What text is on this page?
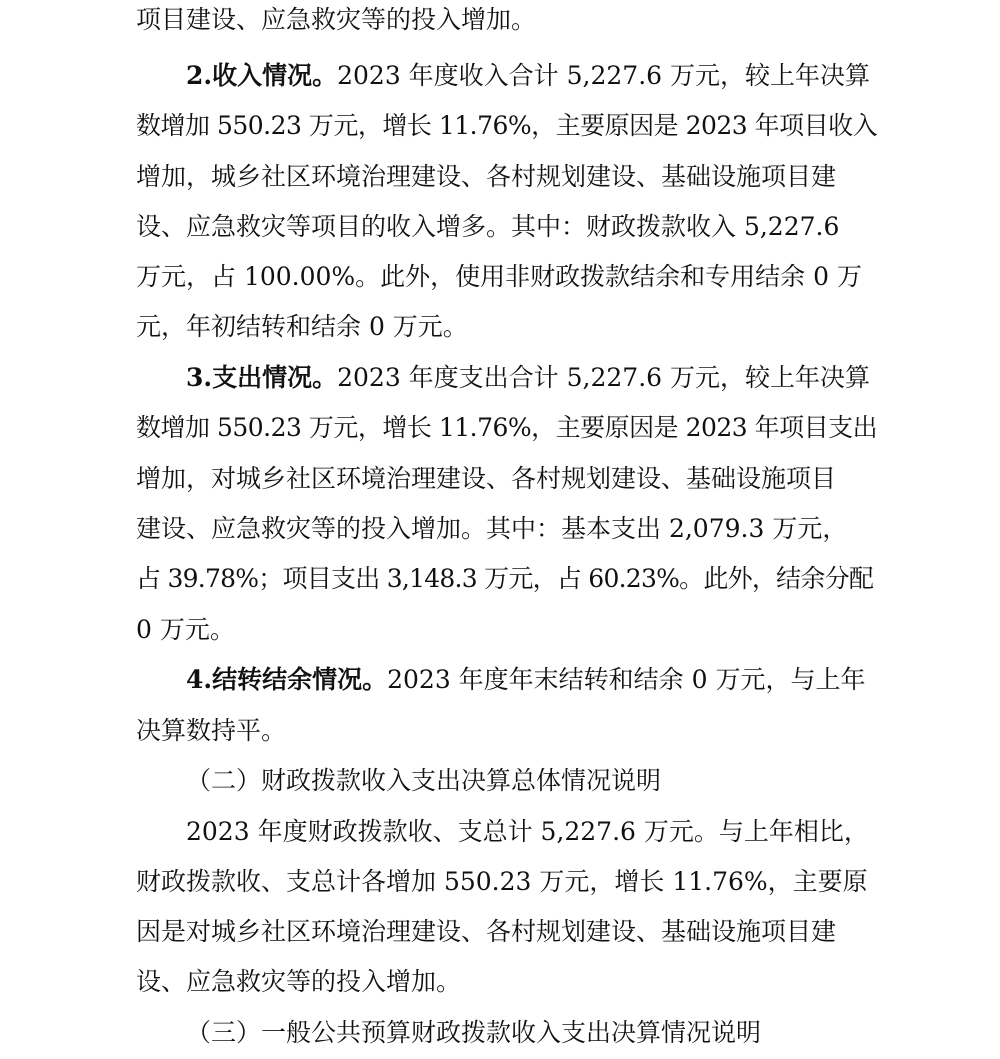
项目建设、应急救灾等的投入增加。
2.收入情况。2023 年度收入合计 5,227.6 万元，较上年决算
数增加 550.23 万元，增长 11.76%，主要原因是 2023 年项目收入
增加，城乡社区环境治理建设、各村规划建设、基础设施项目建
设、应急救灾等项目的收入增多。其中：财政拨款收入 5,227.6
万元，占 100.00%。此外，使用非财政拨款结余和专用结余 0 万
元，年初结转和结余 0 万元。
3.支出情况。2023 年度支出合计 5,227.6 万元，较上年决算
数增加 550.23 万元，增长 11.76%，主要原因是 2023 年项目支出
增加，对城乡社区环境治理建设、各村规划建设、基础设施项目
建设、应急救灾等的投入增加。其中：基本支出 2,079.3 万元，
占 39.78%；项目支出 3,148.3 万元，占 60.23%。此外，结余分配
0 万元。
4.结转结余情况。2023 年度年末结转和结余 0 万元，与上年
决算数持平。
（二）财政拨款收入支出决算总体情况说明
2023 年度财政拨款收、支总计 5,227.6 万元。与上年相比，
财政拨款收、支总计各增加 550.23 万元，增长 11.76%，主要原
因是对城乡社区环境治理建设、各村规划建设、基础设施项目建
设、应急救灾等的投入增加。
（三）一般公共预算财政拨款收入支出决算情况说明
